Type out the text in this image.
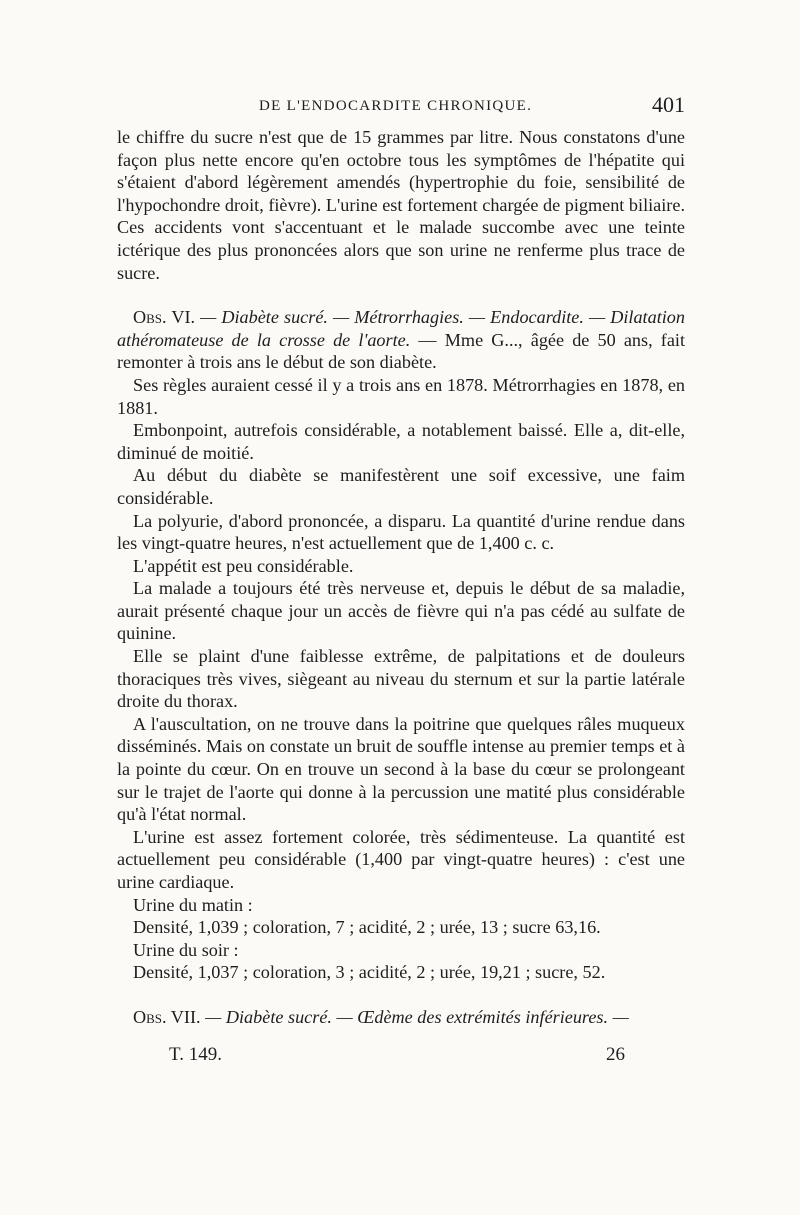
DE L'ENDOCARDITE CHRONIQUE.	401

le chiffre du sucre n'est que de 15 grammes par litre. Nous constatons d'une façon plus nette encore qu'en octobre tous les symptômes de l'hépatite qui s'étaient d'abord légèrement amendés (hypertrophie du foie, sensibilité de l'hypochondre droit, fièvre). L'urine est fortement chargée de pigment biliaire. Ces accidents vont s'accentuant et le malade succombe avec une teinte ictérique des plus prononcées alors que son urine ne renferme plus trace de sucre.

Obs. VI. — Diabète sucré. — Métrorrhagies. — Endocardite. — Dilatation athéromateuse de la crosse de l'aorte. — Mme G..., âgée de 50 ans, fait remonter à trois ans le début de son diabète.

Ses règles auraient cessé il y a trois ans en 1878. Métrorrhagies en 1878, en 1881.

Embonpoint, autrefois considérable, a notablement baissé. Elle a, dit-elle, diminué de moitié.

Au début du diabète se manifestèrent une soif excessive, une faim considérable.

La polyurie, d'abord prononcée, a disparu. La quantité d'urine rendue dans les vingt-quatre heures, n'est actuellement que de 1,400 c. c.

L'appétit est peu considérable.

La malade a toujours été très nerveuse et, depuis le début de sa maladie, aurait présenté chaque jour un accès de fièvre qui n'a pas cédé au sulfate de quinine.

Elle se plaint d'une faiblesse extrême, de palpitations et de douleurs thoraciques très vives, siègeant au niveau du sternum et sur la partie latérale droite du thorax.

A l'auscultation, on ne trouve dans la poitrine que quelques râles muqueux disséminés. Mais on constate un bruit de souffle intense au premier temps et à la pointe du cœur. On en trouve un second à la base du cœur se prolongeant sur le trajet de l'aorte qui donne à la percussion une matité plus considérable qu'à l'état normal.

L'urine est assez fortement colorée, très sédimenteuse. La quantité est actuellement peu considérable (1,400 par vingt-quatre heures) : c'est une urine cardiaque.

Urine du matin :

Densité, 1,039 ; coloration, 7 ; acidité, 2 ; urée, 13 ; sucre 63,16.

Urine du soir :

Densité, 1,037 ; coloration, 3 ; acidité, 2 ; urée, 19,21 ; sucre, 52.

Obs. VII. — Diabète sucré. — Œdème des extrémités inférieures. —

T. 149.	26
